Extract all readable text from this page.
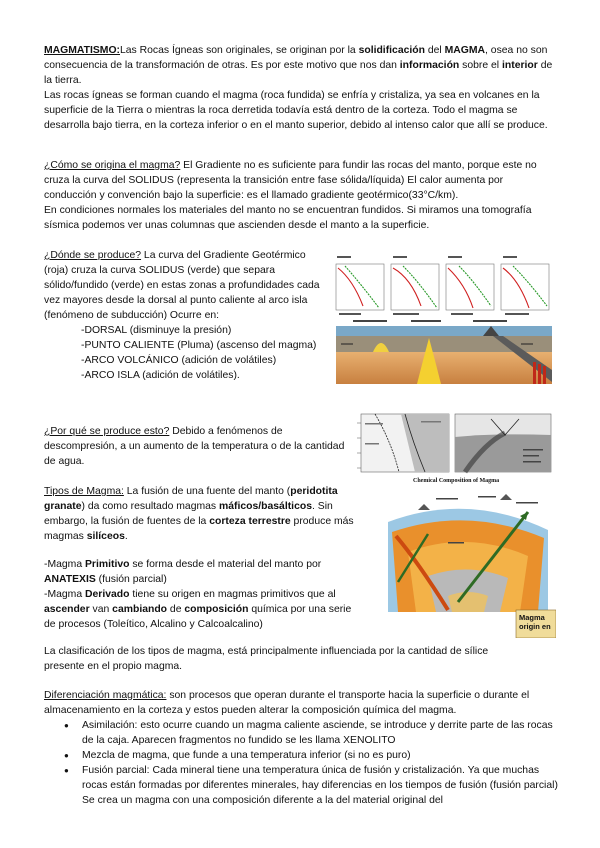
MAGMATISMO:Las Rocas Ígneas son originales, se originan por la solidificación del MAGMA, osea no son consecuencia de la transformación de otras. Es por este motivo que nos dan información sobre el interior de la tierra.

Las rocas ígneas se forman cuando el magma (roca fundida) se enfría y cristaliza, ya sea en volcanes en la superficie de la Tierra o mientras la roca derretida todavía está dentro de la corteza. Todo el magma se desarrolla bajo tierra, en la corteza inferior o en el manto superior, debido al intenso calor que allí se produce.

¿Cómo se origina el magma? El Gradiente no es suficiente para fundir las rocas del manto, porque este no cruza la curva del SOLIDUS (representa la transición entre fase sólida/líquida) El calor aumenta por conducción y convención bajo la superficie: es el llamado gradiente geotérmico(33°C/km).

En condiciones normales los materiales del manto no se encuentran fundidos. Si miramos una tomografía sísmica podemos ver unas columnas que ascienden desde el manto a la superficie.

¿Dónde se produce? La curva del Gradiente Geotérmico (roja) cruza la curva SOLIDUS (verde) que separa sólido/fundido (verde) en estas zonas a profundidades cada vez mayores desde la dorsal al punto caliente al arco isla (fenómeno de subducción) Ocurre en:

-DORSAL (disminuye la presión)

-PUNTO CALIENTE (Pluma) (ascenso del magma)

-ARCO VOLCÁNICO (adición de volátiles)

-ARCO ISLA (adición de volátiles).

¿Por qué se produce esto? Debido a fenómenos de descompresión, a un aumento de la temperatura o de la cantidad de agua.

Tipos de Magma: La fusión de una fuente del manto (peridotita granate) da como resultado magmas máficos/basálticos. Sin embargo, la fusión de fuentes de la corteza terrestre produce más magmas silíceos.

-Magma Primitivo se forma desde el material del manto por ANATEXIS (fusión parcial)

-Magma Derivado tiene su origen en magmas primitivos que al ascender van cambiando de composición química por una serie de procesos (Toleítico, Alcalino y Calcoalcalino)

La clasificación de los tipos de magma, está principalmente influenciada por la cantidad de sílice presente en el propio magma.

Diferenciación magmática: son procesos que operan durante el transporte hacia la superficie o durante el almacenamiento en la corteza y estos pueden alterar la composición química del magma.

● Asimilación: esto ocurre cuando un magma caliente asciende, se introduce y derrite parte de las rocas de la caja. Aparecen fragmentos no fundido se les llama XENOLITO
● Mezcla de magma, que funde a una temperatura inferior (si no es puro)
● Fusión parcial: Cada mineral tiene una temperatura única de fusión y cristalización. Ya que muchas rocas están formadas por diferentes minerales, hay diferencias en los tiempos de fusión (fusión parcial) Se crea un magma con una composición diferente a la del material original del
Chemical Composition of Magma
Magma origin en
